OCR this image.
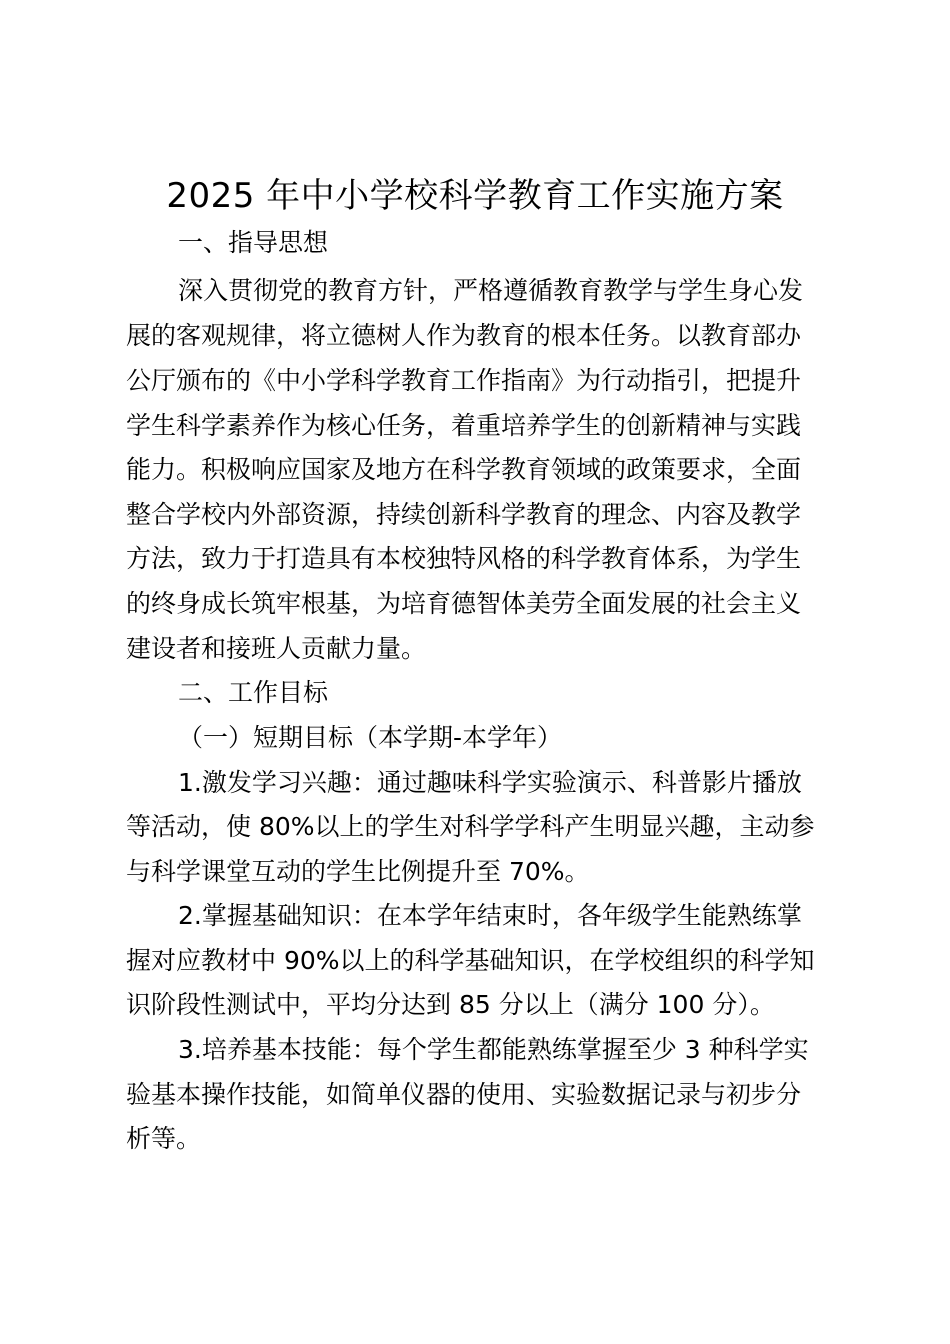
2025 年中小学校科学教育工作实施方案
一、指导思想
深入贯彻党的教育方针，严格遵循教育教学与学生身心发
展的客观规律，将立德树人作为教育的根本任务。以教育部办
公厅颁布的《中小学科学教育工作指南》为行动指引，把提升
学生科学素养作为核心任务，着重培养学生的创新精神与实践
能力。积极响应国家及地方在科学教育领域的政策要求，全面
整合学校内外部资源，持续创新科学教育的理念、内容及教学
方法，致力于打造具有本校独特风格的科学教育体系，为学生
的终身成长筑牢根基，为培育德智体美劳全面发展的社会主义
建设者和接班人贡献力量。
二、工作目标
（一）短期目标（本学期-本学年）
1.激发学习兴趣：通过趣味科学实验演示、科普影片播放
等活动，使 80%以上的学生对科学学科产生明显兴趣，主动参
与科学课堂互动的学生比例提升至 70%。
2.掌握基础知识：在本学年结束时，各年级学生能熟练掌
握对应教材中 90%以上的科学基础知识，在学校组织的科学知
识阶段性测试中，平均分达到 85 分以上（满分 100 分）。
3.培养基本技能：每个学生都能熟练掌握至少 3 种科学实
验基本操作技能，如简单仪器的使用、实验数据记录与初步分
析等。
